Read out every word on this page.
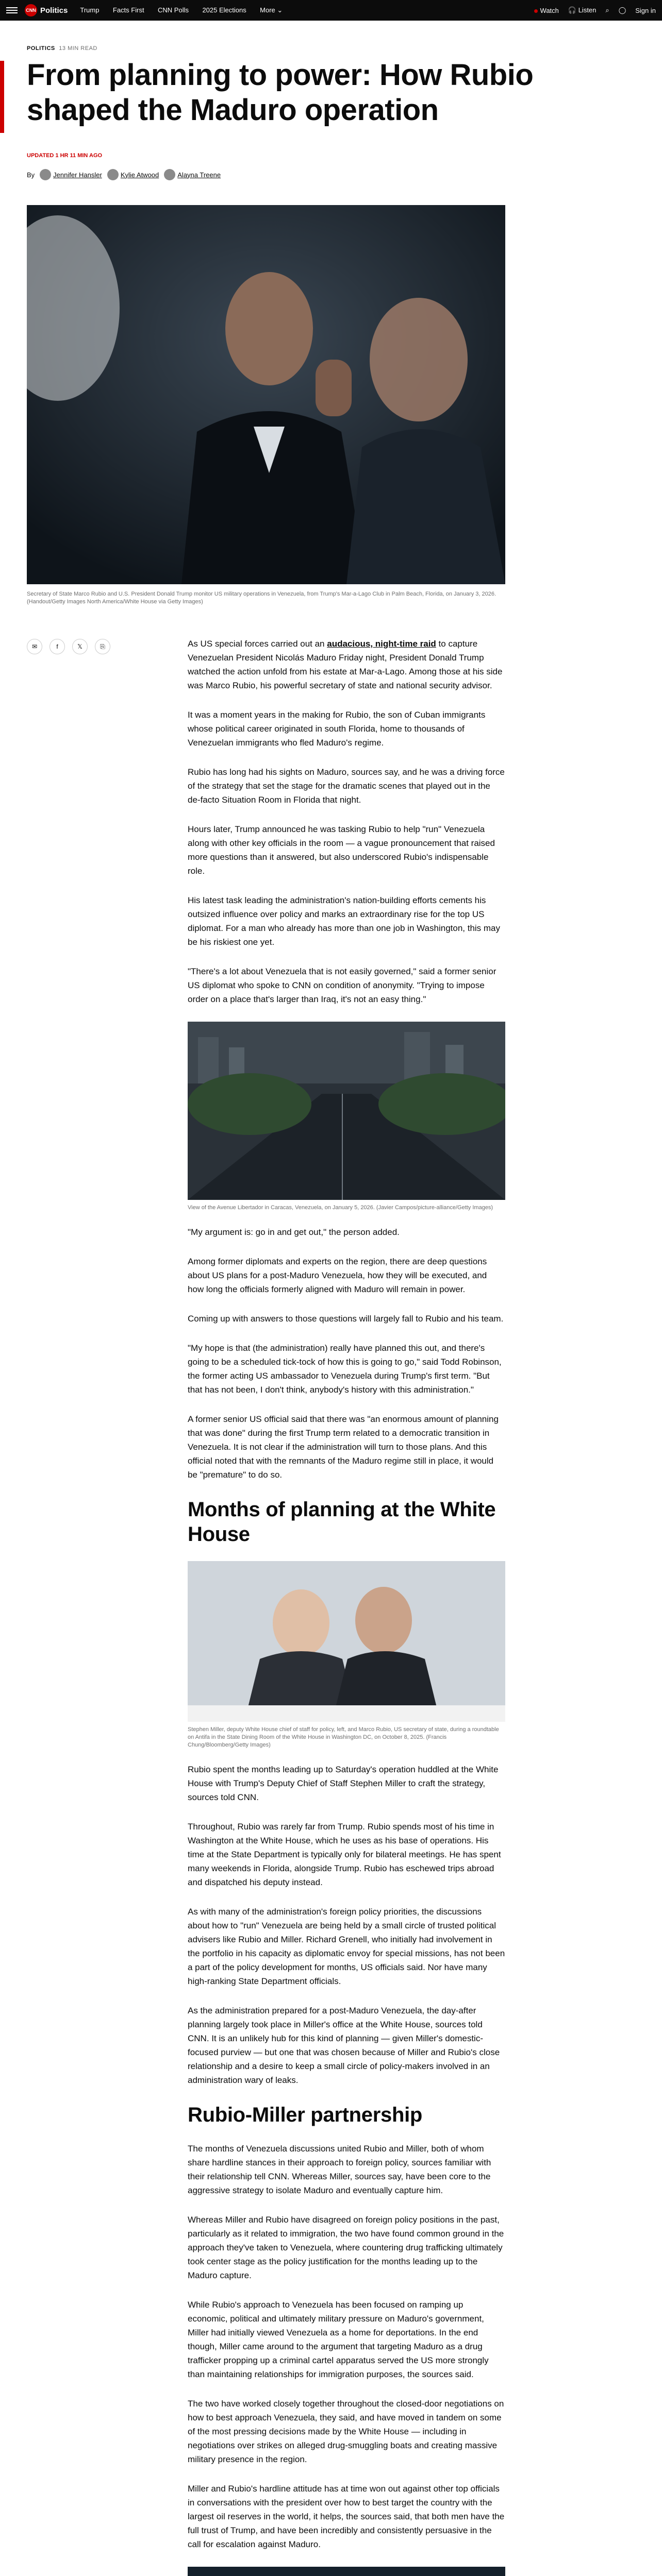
CNN Politics Trump Facts First CNN Polls 2025 Elections More ⌄	Watch 🎧 Listen ⌕ ◯ Sign in
POLITICS 13 MIN READ
From planning to power: How Rubio shaped the Maduro operation
UPDATED 1 HR 11 MIN AGO
By	Jennifer Hansler	Kylie Atwood	Alayna Treene
Secretary of State Marco Rubio and U.S. President Donald Trump monitor US military operations in Venezuela, from Trump's Mar-a-Lago Club in Palm Beach, Florida, on January 3, 2026. (Handout/Getty Images North America/White House via Getty Images)
✉	f	𝕏	⎘	As US special forces carried out an audacious, night-time raid to capture Venezuelan President Nicolás Maduro Friday night, President Donald Trump watched the action unfold from his estate at Mar-a-Lago. Among those at his side was Marco Rubio, his powerful secretary of state and national security advisor.

It was a moment years in the making for Rubio, the son of Cuban immigrants whose political career originated in south Florida, home to thousands of Venezuelan immigrants who fled Maduro's regime.

Rubio has long had his sights on Maduro, sources say, and he was a driving force of the strategy that set the stage for the dramatic scenes that played out in the de-facto Situation Room in Florida that night.

Hours later, Trump announced he was tasking Rubio to help "run" Venezuela along with other key officials in the room — a vague pronouncement that raised more questions than it answered, but also underscored Rubio's indispensable role.

His latest task leading the administration's nation-building efforts cements his outsized influence over policy and marks an extraordinary rise for the top US diplomat. For a man who already has more than one job in Washington, this may be his riskiest one yet.

"There's a lot about Venezuela that is not easily governed," said a former senior US diplomat who spoke to CNN on condition of anonymity. "Trying to impose order on a place that's larger than Iraq, it's not an easy thing."

View of the Avenue Libertador in Caracas, Venezuela, on January 5, 2026. (Javier Campos/picture-alliance/Getty Images)

"My argument is: go in and get out," the person added.

Among former diplomats and experts on the region, there are deep questions about US plans for a post-Maduro Venezuela, how they will be executed, and how long the officials formerly aligned with Maduro will remain in power.

Coming up with answers to those questions will largely fall to Rubio and his team.

"My hope is that (the administration) really have planned this out, and there's going to be a scheduled tick-tock of how this is going to go," said Todd Robinson, the former acting US ambassador to Venezuela during Trump's first term. "But that has not been, I don't think, anybody's history with this administration."

A former senior US official said that there was "an enormous amount of planning that was done" during the first Trump term related to a democratic transition in Venezuela. It is not clear if the administration will turn to those plans. And this official noted that with the remnants of the Maduro regime still in place, it would be "premature" to do so.

Months of planning at the White House
Stephen Miller, deputy White House chief of staff for policy, left, and Marco Rubio, US secretary of state, during a roundtable on Antifa in the State Dining Room of the White House in Washington DC, on October 8, 2025. (Francis Chung/Bloomberg/Getty Images)

Rubio spent the months leading up to Saturday's operation huddled at the White House with Trump's Deputy Chief of Staff Stephen Miller to craft the strategy, sources told CNN.

Throughout, Rubio was rarely far from Trump. Rubio spends most of his time in Washington at the White House, which he uses as his base of operations. His time at the State Department is typically only for bilateral meetings. He has spent many weekends in Florida, alongside Trump. Rubio has eschewed trips abroad and dispatched his deputy instead.

As with many of the administration's foreign policy priorities, the discussions about how to "run" Venezuela are being held by a small circle of trusted political advisers like Rubio and Miller. Richard Grenell, who initially had involvement in the portfolio in his capacity as diplomatic envoy for special missions, has not been a part of the policy development for months, US officials said. Nor have many high-ranking State Department officials.

As the administration prepared for a post-Maduro Venezuela, the day-after planning largely took place in Miller's office at the White House, sources told CNN. It is an unlikely hub for this kind of planning — given Miller's domestic-focused purview — but one that was chosen because of Miller and Rubio's close relationship and a desire to keep a small circle of policy-makers involved in an administration wary of leaks.

Rubio-Miller partnership

The months of Venezuela discussions united Rubio and Miller, both of whom share hardline stances in their approach to foreign policy, sources familiar with their relationship tell CNN. Whereas Miller, sources say, have been core to the aggressive strategy to isolate Maduro and eventually capture him.

Whereas Miller and Rubio have disagreed on foreign policy positions in the past, particularly as it related to immigration, the two have found common ground in the approach they've taken to Venezuela, where countering drug trafficking ultimately took center stage as the policy justification for the months leading up to the Maduro capture.

While Rubio's approach to Venezuela has been focused on ramping up economic, political and ultimately military pressure on Maduro's government, Miller had initially viewed Venezuela as a home for deportations. In the end though, Miller came around to the argument that targeting Maduro as a drug trafficker propping up a criminal cartel apparatus served the US more strongly than maintaining relationships for immigration purposes, the sources said.

The two have worked closely together throughout the closed-door negotiations on how to best approach Venezuela, they said, and have moved in tandem on some of the most pressing decisions made by the White House — including in negotiations over strikes on alleged drug-smuggling boats and creating massive military presence in the region.

Miller and Rubio's hardline attitude has at time won out against other top officials in conversations with the president over how to best target the country with the largest oil reserves in the world, it helps, the sources said, that both men have the full trust of Trump, and have been incredibly and consistently persuasive in the call for escalation against Maduro.
